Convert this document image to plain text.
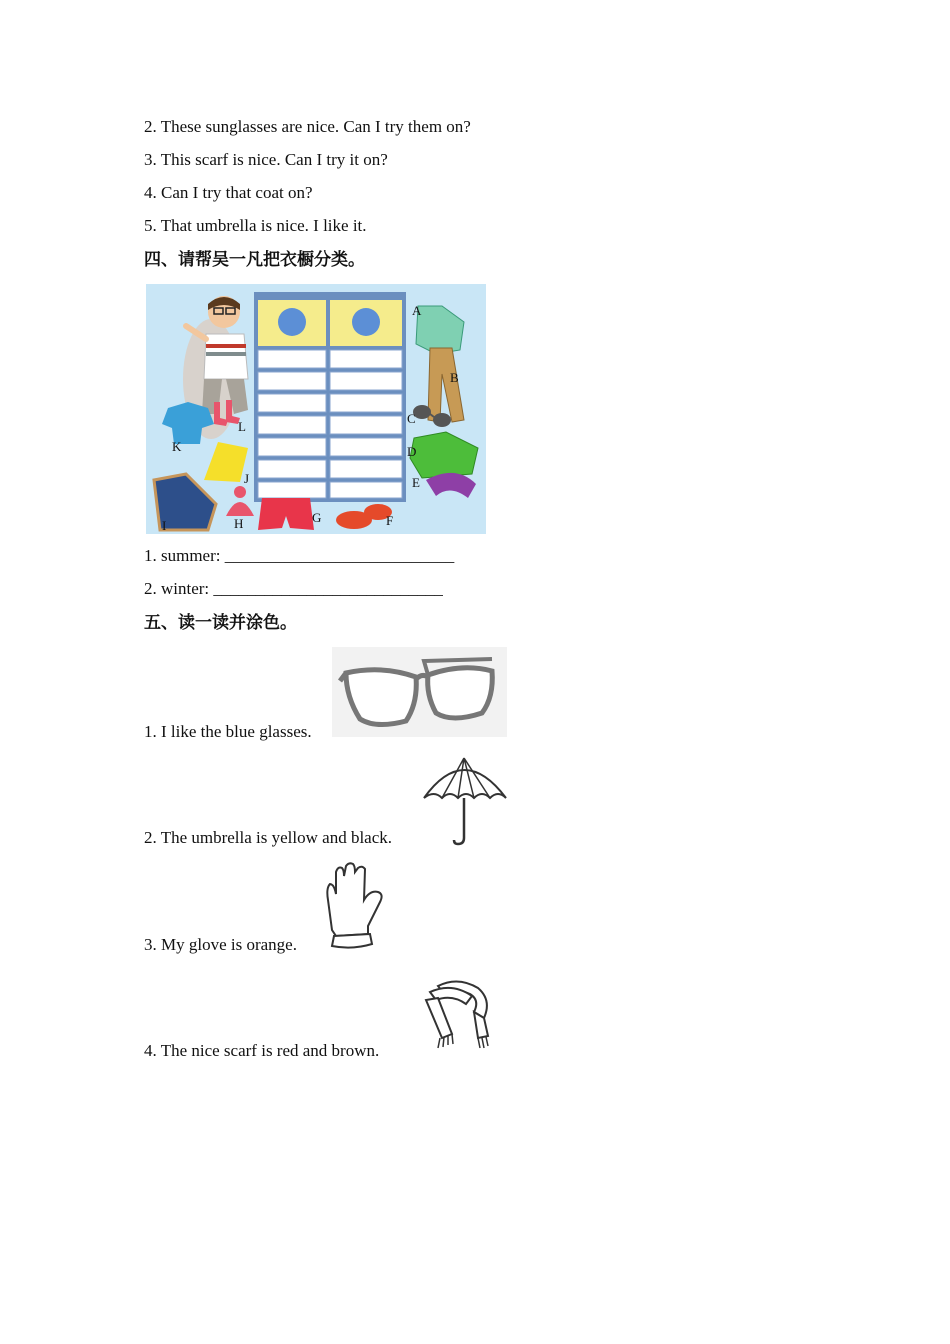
2. These sunglasses are nice. Can I try them on?
3. This scarf is nice. Can I try it on?
4. Can I try that coat on?
5. That umbrella is nice. I like it.
四、请帮吴一凡把衣橱分类。
A
B
C
D
E
F
G
H
I
J
K
L
1. summer: ___________________________
2. winter: ___________________________
五、读一读并涂色。
1. I like the blue glasses.
2. The umbrella is yellow and black.
3. My glove is orange.
4. The nice scarf is red and brown.
